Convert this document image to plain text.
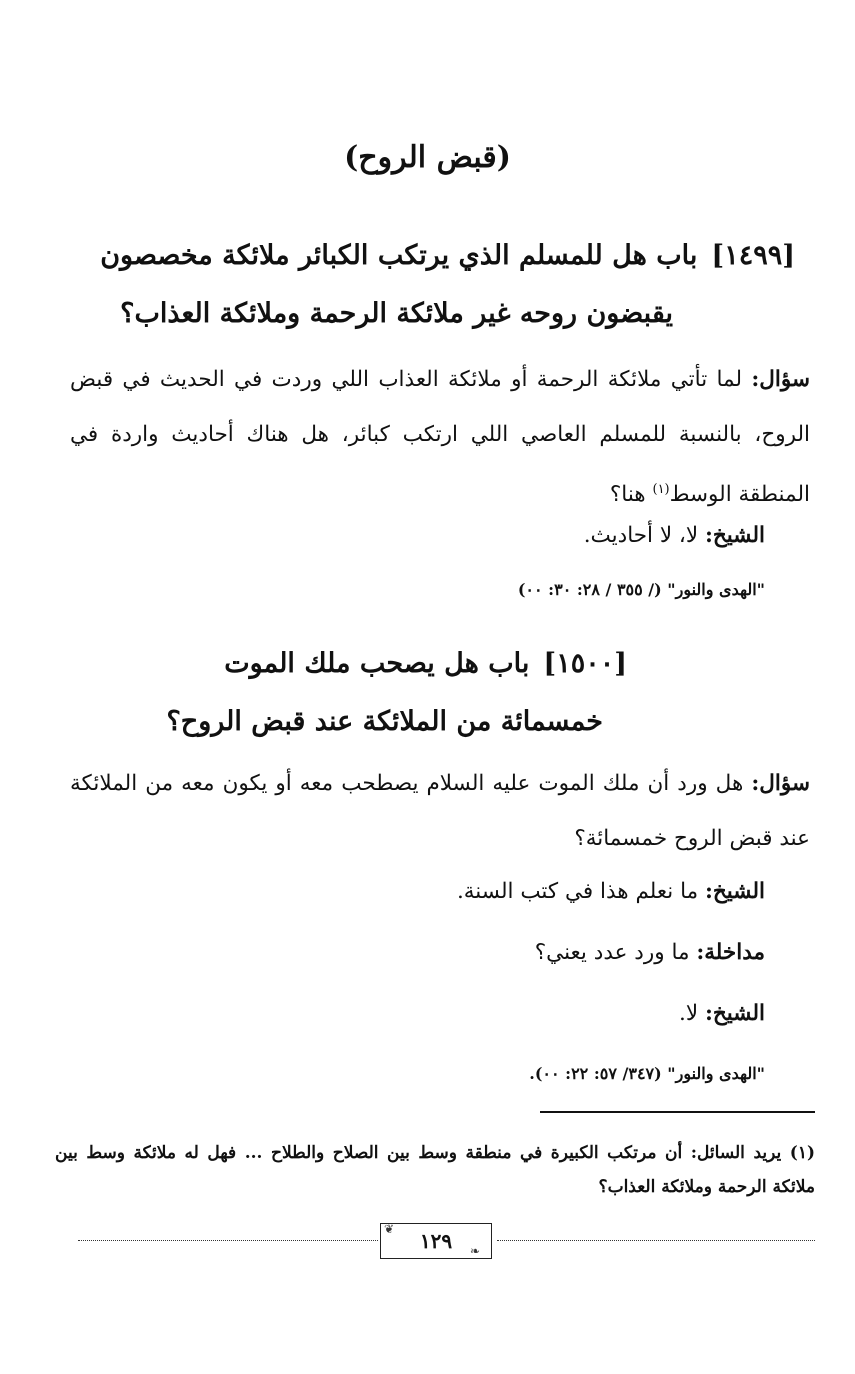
(قبض الروح)
[١٤٩٩]باب هل للمسلم الذي يرتكب الكبائر ملائكة مخصصون
يقبضون روحه غير ملائكة الرحمة وملائكة العذاب؟

سؤال: لما تأتي ملائكة الرحمة أو ملائكة العذاب اللي وردت في الحديث في قبض الروح، بالنسبة للمسلم العاصي اللي ارتكب كبائر، هل هناك أحاديث واردة في المنطقة الوسط$^{(١)}$ هنا؟

الشيخ: لا، لا أحاديث.

"الهدى والنور" (/ ٣٥٥ / ٢٨: ٣٠: ٠٠)

[١٥٠٠]باب هل يصحب ملك الموت
خمسمائة من الملائكة عند قبض الروح؟

سؤال: هل ورد أن ملك الموت عليه السلام يصطحب معه أو يكون معه من الملائكة عند قبض الروح خمسمائة؟

الشيخ: ما نعلم هذا في كتب السنة.

مداخلة: ما ورد عدد يعني؟

الشيخ: لا.

"الهدى والنور" (٣٤٧/ ٥٧: ٢٢: ٠٠).

(١) يريد السائل: أن مرتكب الكبيرة في منطقة وسط بين الصلاح والطلاح ... فهل له ملائكة وسط بين ملائكة الرحمة وملائكة العذاب؟

١٢٩
❦
❧
